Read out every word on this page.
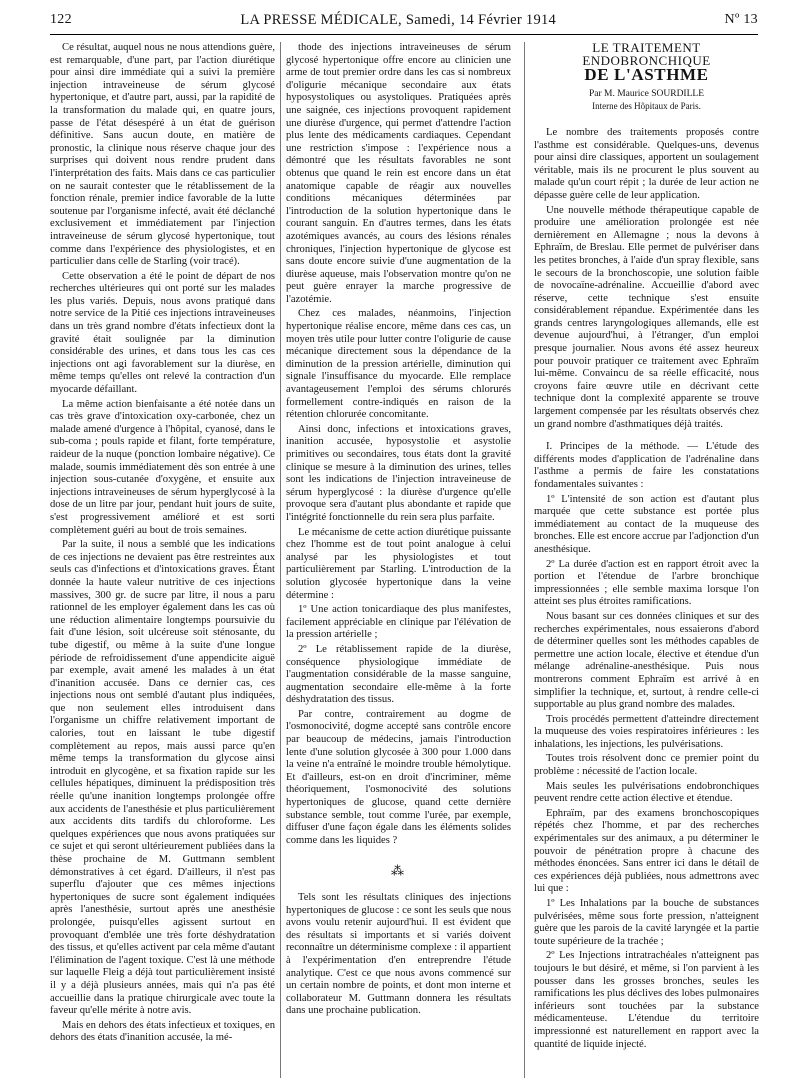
122	LA PRESSE MÉDICALE, Samedi, 14 Février 1914	Nº 13

Ce résultat, auquel nous ne nous attendions guère, est remarquable, d'une part, par l'action diurétique pour ainsi dire immédiate qui a suivi la première injection intraveineuse de sérum glycosé hypertonique, et d'autre part, aussi, par la rapidité de la transformation du malade qui, en quatre jours, passe de l'état désespéré à un état de guérison définitive. Sans aucun doute, en matière de pronostic, la clinique nous réserve chaque jour des surprises qui doivent nous rendre prudent dans l'interprétation des faits. Mais dans ce cas particulier on ne saurait contester que le rétablissement de la fonction rénale, premier indice favorable de la lutte soutenue par l'organisme infecté, avait été déclanché exclusivement et immédiatement par l'injection intraveineuse de sérum glycosé hypertonique, tout comme dans l'expérience des physiologistes, et en particulier dans celle de Starling (voir tracé).

Cette observation a été le point de départ de nos recherches ultérieures qui ont porté sur les malades les plus variés. Depuis, nous avons pratiqué dans notre service de la Pitié ces injections intraveineuses dans un très grand nombre d'états infectieux dont la gravité était soulignée par la diminution considérable des urines, et dans tous les cas ces injections ont agi favorablement sur la diurèse, en même temps qu'elles ont relevé la contraction d'un myocarde défaillant.

La même action bienfaisante a été notée dans un cas très grave d'intoxication oxy-carbonée, chez un malade amené d'urgence à l'hôpital, cyanosé, dans le sub-coma ; pouls rapide et filant, forte température, raideur de la nuque (ponction lombaire négative). Ce malade, soumis immédiatement dès son entrée à une injection sous-cutanée d'oxygène, et ensuite aux injections intraveineuses de sérum hyperglycosé à la dose de un litre par jour, pendant huit jours de suite, s'est progressivement amélioré et est sorti complètement guéri au bout de trois semaines.

Par la suite, il nous a semblé que les indications de ces injections ne devaient pas être restreintes aux seuls cas d'infections et d'intoxications graves. Étant donnée la haute valeur nutritive de ces injections massives, 300 gr. de sucre par litre, il nous a paru rationnel de les employer également dans les cas où une réduction alimentaire longtemps poursuivie du fait d'une lésion, soit ulcéreuse soit sténosante, du tube digestif, ou même à la suite d'une longue période de refroidissement d'une appendicite aiguë par exemple, avait amené les malades à un état d'inanition accusée. Dans ce dernier cas, ces injections nous ont semblé d'autant plus indiquées, que non seulement elles introduisent dans l'organisme un chiffre relativement important de calories, tout en laissant le tube digestif complètement au repos, mais aussi parce qu'en même temps la transformation du glycose ainsi introduit en glycogène, et sa fixation rapide sur les cellules hépatiques, diminuent la prédisposition très réelle qu'une inanition longtemps prolongée offre aux accidents de l'anesthésie et plus particulièrement aux accidents dits tardifs du chloroforme. Les quelques expériences que nous avons pratiquées sur ce sujet et qui seront ultérieurement publiées dans la thèse prochaine de M. Guttmann semblent démonstratives à cet égard. D'ailleurs, il n'est pas superflu d'ajouter que ces mêmes injections hypertoniques de sucre sont également indiquées après l'anesthésie, surtout après une anesthésie prolongée, puisqu'elles agissent surtout en provoquant d'emblée une très forte déshydratation des tissus, et qu'elles activent par cela même d'autant l'élimination de l'agent toxique. C'est là une méthode sur laquelle Fleig a déjà tout particulièrement insisté il y a déjà plusieurs années, mais qui n'a pas été accueillie dans la pratique chirurgicale avec toute la faveur qu'elle mérite à notre avis.

Mais en dehors des états infectieux et toxiques, en dehors des états d'inanition accusée, la mé-

thode des injections intraveineuses de sérum glycosé hypertonique offre encore au clinicien une arme de tout premier ordre dans les cas si nombreux d'oligurie mécanique secondaire aux états hyposystoliques ou asystoliques. Pratiquées après une saignée, ces injections provoquent rapidement une diurèse d'urgence, qui permet d'attendre l'action plus lente des médicaments cardiaques. Cependant une restriction s'impose : l'expérience nous a démontré que les résultats favorables ne sont obtenus que quand le rein est encore dans un état anatomique capable de réagir aux nouvelles conditions mécaniques déterminées par l'introduction de la solution hypertonique dans le courant sanguin. En d'autres termes, dans les états azotémiques avancés, au cours des lésions rénales chroniques, l'injection hypertonique de glycose est sans doute encore suivie d'une augmentation de la diurèse aqueuse, mais l'observation montre qu'on ne peut guère enrayer la marche progressive de l'azotémie.

Chez ces malades, néanmoins, l'injection hypertonique réalise encore, même dans ces cas, un moyen très utile pour lutter contre l'oligurie de cause mécanique directement sous la dépendance de la diminution de la pression artérielle, diminution qui signale l'insuffisance du myocarde. Elle remplace avantageusement l'emploi des sérums chlorurés formellement contre-indiqués en raison de la rétention chlorurée concomitante.

Ainsi donc, infections et intoxications graves, inanition accusée, hyposystolie et asystolie primitives ou secondaires, tous états dont la gravité clinique se mesure à la diminution des urines, telles sont les indications de l'injection intraveineuse de sérum hyperglycosé : la diurèse d'urgence qu'elle provoque sera d'autant plus abondante et rapide que l'intégrité fonctionnelle du rein sera plus parfaite.

Le mécanisme de cette action diurétique puissante chez l'homme est de tout point analogue à celui analysé par les physiologistes et tout particulièrement par Starling. L'introduction de la solution glycosée hypertonique dans la veine détermine :

1º Une action tonicardiaque des plus manifestes, facilement appréciable en clinique par l'élévation de la pression artérielle ;

2º Le rétablissement rapide de la diurèse, conséquence physiologique immédiate de l'augmentation considérable de la masse sanguine, augmentation secondaire elle-même à la forte déshydratation des tissus.

Par contre, contrairement au dogme de l'osmonocivité, dogme accepté sans contrôle encore par beaucoup de médecins, jamais l'introduction lente d'une solution glycosée à 300 pour 1.000 dans la veine n'a entraîné le moindre trouble hémolytique. Et d'ailleurs, est-on en droit d'incriminer, même théoriquement, l'osmonocivité des solutions hypertoniques de glucose, quand cette dernière substance semble, tout comme l'urée, par exemple, diffuser d'une façon égale dans les éléments solides comme dans les liquides ?

⁂

Tels sont les résultats cliniques des injections hypertoniques de glucose : ce sont les seuls que nous avons voulu retenir aujourd'hui. Il est évident que des résultats si importants et si variés doivent reconnaître un déterminisme complexe : il appartient à l'expérimentation d'en entreprendre l'étude analytique. C'est ce que nous avons commencé sur un certain nombre de points, et dont mon interne et collaborateur M. Guttmann donnera les résultats dans une prochaine publication.

LE TRAITEMENT ENDOBRONCHIQUE

DE L'ASTHME
Par M. Maurice SOURDILLE
Interne des Hôpitaux de Paris.

Le nombre des traitements proposés contre l'asthme est considérable. Quelques-uns, devenus pour ainsi dire classiques, apportent un soulagement véritable, mais ils ne procurent le plus souvent au malade qu'un court répit ; la durée de leur action ne dépasse guère celle de leur application.

Une nouvelle méthode thérapeutique capable de produire une amélioration prolongée est née dernièrement en Allemagne ; nous la devons à Ephraïm, de Breslau. Elle permet de pulvériser dans les petites bronches, à l'aide d'un spray flexible, sans le secours de la bronchoscopie, une solution faible de novocaïne-adrénaline. Accueillie d'abord avec réserve, cette technique s'est ensuite considérablement répandue. Expérimentée dans les grands centres laryngologiques allemands, elle est devenue aujourd'hui, à l'étranger, d'un emploi presque journalier. Nous avons été assez heureux pour pouvoir pratiquer ce traitement avec Ephraïm lui-même. Convaincu de sa réelle efficacité, nous croyons faire œuvre utile en décrivant cette technique dont la complexité apparente se trouve largement compensée par les résultats observés chez un grand nombre d'asthmatiques déjà traités.

I. Principes de la méthode. — L'étude des différents modes d'application de l'adrénaline dans l'asthme a permis de faire les constatations fondamentales suivantes :

1º L'intensité de son action est d'autant plus marquée que cette substance est portée plus immédiatement au contact de la muqueuse des bronches. Elle est encore accrue par l'adjonction d'un anesthésique.

2º La durée d'action est en rapport étroit avec la portion et l'étendue de l'arbre bronchique impressionnées ; elle semble maxima lorsque l'on atteint ses plus étroites ramifications.

Nous basant sur ces données cliniques et sur des recherches expérimentales, nous essaierons d'abord de déterminer quelles sont les méthodes capables de permettre une action locale, élective et étendue d'un mélange adrénaline-anesthésique. Puis nous montrerons comment Ephraïm est arrivé à en simplifier la technique, et, surtout, à rendre celle-ci supportable au plus grand nombre des malades.

Trois procédés permettent d'atteindre directement la muqueuse des voies respiratoires inférieures : les inhalations, les injections, les pulvérisations.

Toutes trois résolvent donc ce premier point du problème : nécessité de l'action locale.

Mais seules les pulvérisations endobronchiques peuvent rendre cette action élective et étendue.

Ephraïm, par des examens bronchoscopiques répétés chez l'homme, et par des recherches expérimentales sur des animaux, a pu déterminer le pouvoir de pénétration propre à chacune des méthodes énoncées. Sans entrer ici dans le détail de ces expériences déjà publiées, nous admettrons avec lui que :

1º Les Inhalations par la bouche de substances pulvérisées, même sous forte pression, n'atteignent guère que les parois de la cavité laryngée et la partie toute supérieure de la trachée ;

2º Les Injections intratrachéales n'atteignent pas toujours le but désiré, et même, si l'on parvient à les pousser dans les grosses bronches, seules les ramifications les plus déclives des lobes pulmonaires inférieurs sont touchées par la substance médicamenteuse. L'étendue du territoire impressionné est naturellement en rapport avec la quantité de liquide injecté.
